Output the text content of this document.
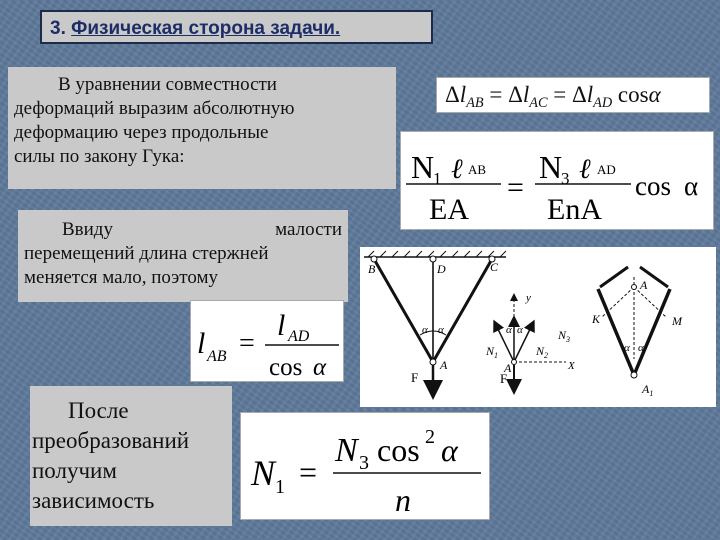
3. Физическая сторона задачи.
В уравнении совместности
деформаций выразим абсолютную
деформацию через продольные
силы по закону Гука:
$\Delta l_{AB} = \Delta l_{AC} = \Delta l_{AD}$ cosα
N
1 ℓ AB
EA
=
N
3 ℓ AD
EnA
cos α
Ввиду	малости
перемещений длина стержней
меняется мало, поэтому
l AB =
l AD
cos α
После
преобразований
получим
зависимость
N 1 =
N 3 cos 2 α
n
B	D	C
A
F
α α
y
X
$N_1$	$N_2$
$N_3$
A
F
α α
A
K	M
α α
$A_1$
